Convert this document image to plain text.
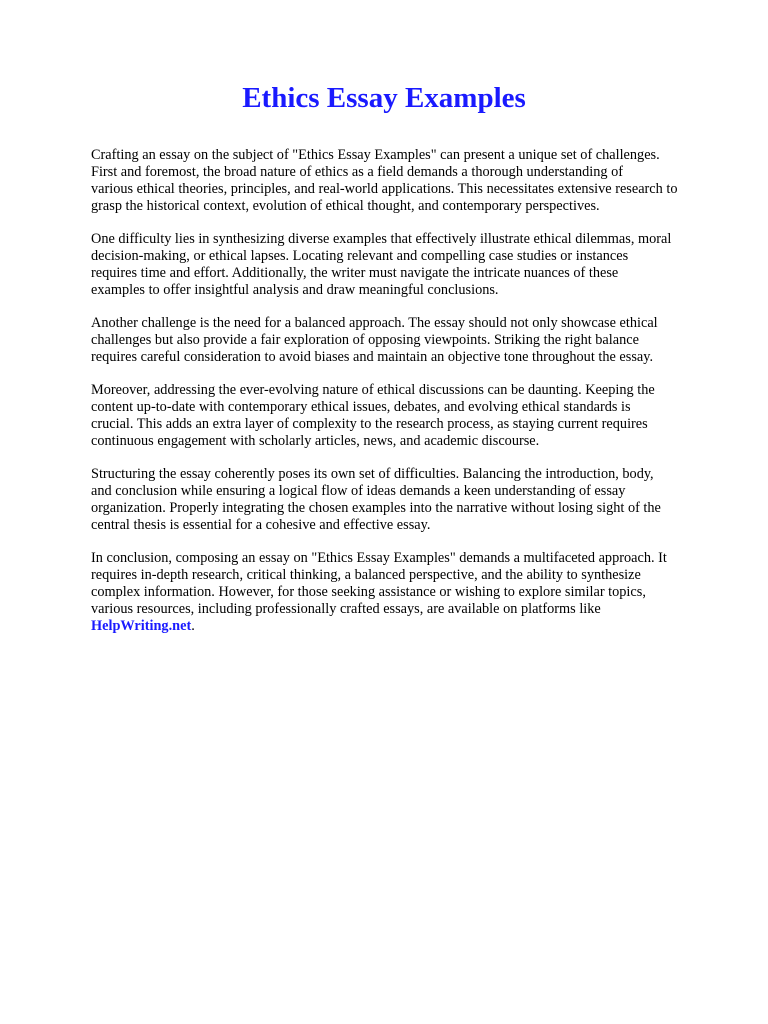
Ethics Essay Examples

Crafting an essay on the subject of "Ethics Essay Examples" can present a unique set of challenges.
First and foremost, the broad nature of ethics as a field demands a thorough understanding of
various ethical theories, principles, and real-world applications. This necessitates extensive research to
grasp the historical context, evolution of ethical thought, and contemporary perspectives.

One difficulty lies in synthesizing diverse examples that effectively illustrate ethical dilemmas, moral
decision-making, or ethical lapses. Locating relevant and compelling case studies or instances
requires time and effort. Additionally, the writer must navigate the intricate nuances of these
examples to offer insightful analysis and draw meaningful conclusions.

Another challenge is the need for a balanced approach. The essay should not only showcase ethical
challenges but also provide a fair exploration of opposing viewpoints. Striking the right balance
requires careful consideration to avoid biases and maintain an objective tone throughout the essay.

Moreover, addressing the ever-evolving nature of ethical discussions can be daunting. Keeping the
content up-to-date with contemporary ethical issues, debates, and evolving ethical standards is
crucial. This adds an extra layer of complexity to the research process, as staying current requires
continuous engagement with scholarly articles, news, and academic discourse.

Structuring the essay coherently poses its own set of difficulties. Balancing the introduction, body,
and conclusion while ensuring a logical flow of ideas demands a keen understanding of essay
organization. Properly integrating the chosen examples into the narrative without losing sight of the
central thesis is essential for a cohesive and effective essay.

In conclusion, composing an essay on "Ethics Essay Examples" demands a multifaceted approach. It
requires in-depth research, critical thinking, a balanced perspective, and the ability to synthesize
complex information. However, for those seeking assistance or wishing to explore similar topics,
various resources, including professionally crafted essays, are available on platforms like
HelpWriting.net.
